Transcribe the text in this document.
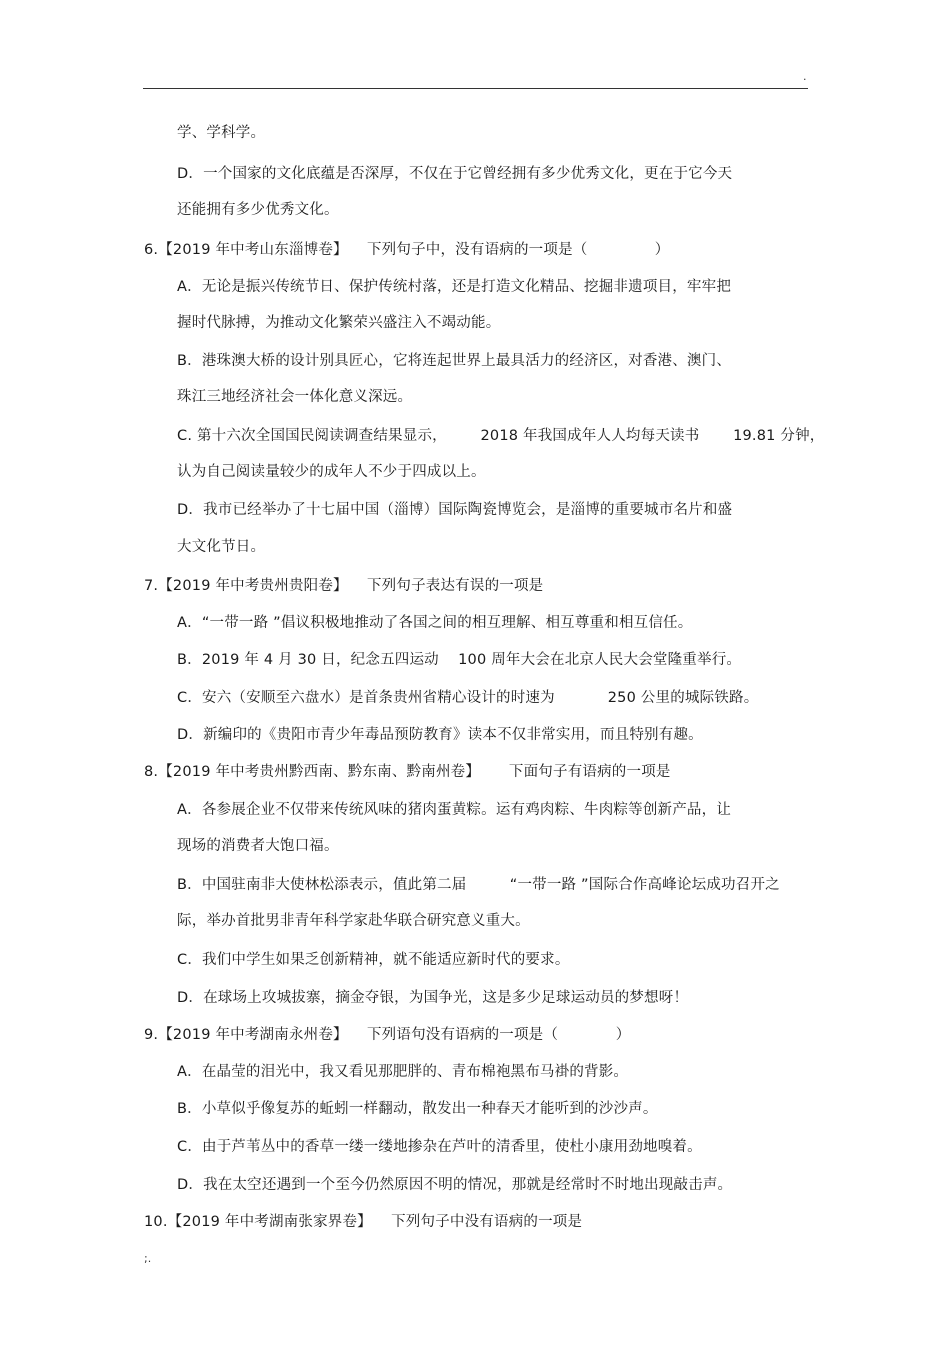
.
学、学科学。
D．一个国家的文化底蕴是否深厚，不仅在于它曾经拥有多少优秀文化，更在于它今天
还能拥有多少优秀文化。
6.【2019 年中考山东淄博卷】    下列句子中，没有语病的一项是（              ）
A．无论是振兴传统节日、保护传统村落，还是打造文化精品、挖掘非遗项目，牢牢把
握时代脉搏，为推动文化繁荣兴盛注入不竭动能。
B．港珠澳大桥的设计别具匠心，它将连起世界上最具活力的经济区，对香港、澳门、
珠江三地经济社会一体化意义深远。
C. 第十六次全国国民阅读调查结果显示，       2018 年我国成年人人均每天读书       19.81 分钟，
认为自己阅读量较少的成年人不少于四成以上。
D．我市已经举办了十七届中国（淄博）国际陶瓷博览会，是淄博的重要城市名片和盛
大文化节日。
7.【2019 年中考贵州贵阳卷】    下列句子表达有误的一项是
A．“一带一路 ”倡议积极地推动了各国之间的相互理解、相互尊重和相互信任。
B．2019 年 4 月 30 日，纪念五四运动    100 周年大会在北京人民大会堂隆重举行。
C．安六（安顺至六盘水）是首条贵州省精心设计的时速为           250 公里的城际铁路。
D．新编印的《贵阳市青少年毒品预防教育》读本不仅非常实用，而且特别有趣。
8.【2019 年中考贵州黔西南、黔东南、黔南州卷】      下面句子有语病的一项是
A．各参展企业不仅带来传统风味的猪肉蛋黄粽。运有鸡肉粽、牛肉粽等创新产品，让
现场的消费者大饱口福。
B．中国驻南非大使林松添表示，值此第二届         “一带一路 ”国际合作高峰论坛成功召开之
际，举办首批男非青年科学家赴华联合研究意义重大。
C．我们中学生如果乏创新精神，就不能适应新时代的要求。
D．在球场上攻城拔寨，摘金夺银，为国争光，这是多少足球运动员的梦想呀！
9.【2019 年中考湖南永州卷】    下列语句没有语病的一项是（            ）
A．在晶莹的泪光中，我又看见那肥胖的、青布棉袍黑布马褂的背影。
B．小草似乎像复苏的蚯蚓一样翻动，散发出一种春天才能听到的沙沙声。
C．由于芦苇丛中的香草一缕一缕地掺杂在芦叶的清香里，使杜小康用劲地嗅着。
D．我在太空还遇到一个至今仍然原因不明的情况，那就是经常时不时地出现敲击声。
10.【2019 年中考湖南张家界卷】    下列句子中没有语病的一项是
;.
